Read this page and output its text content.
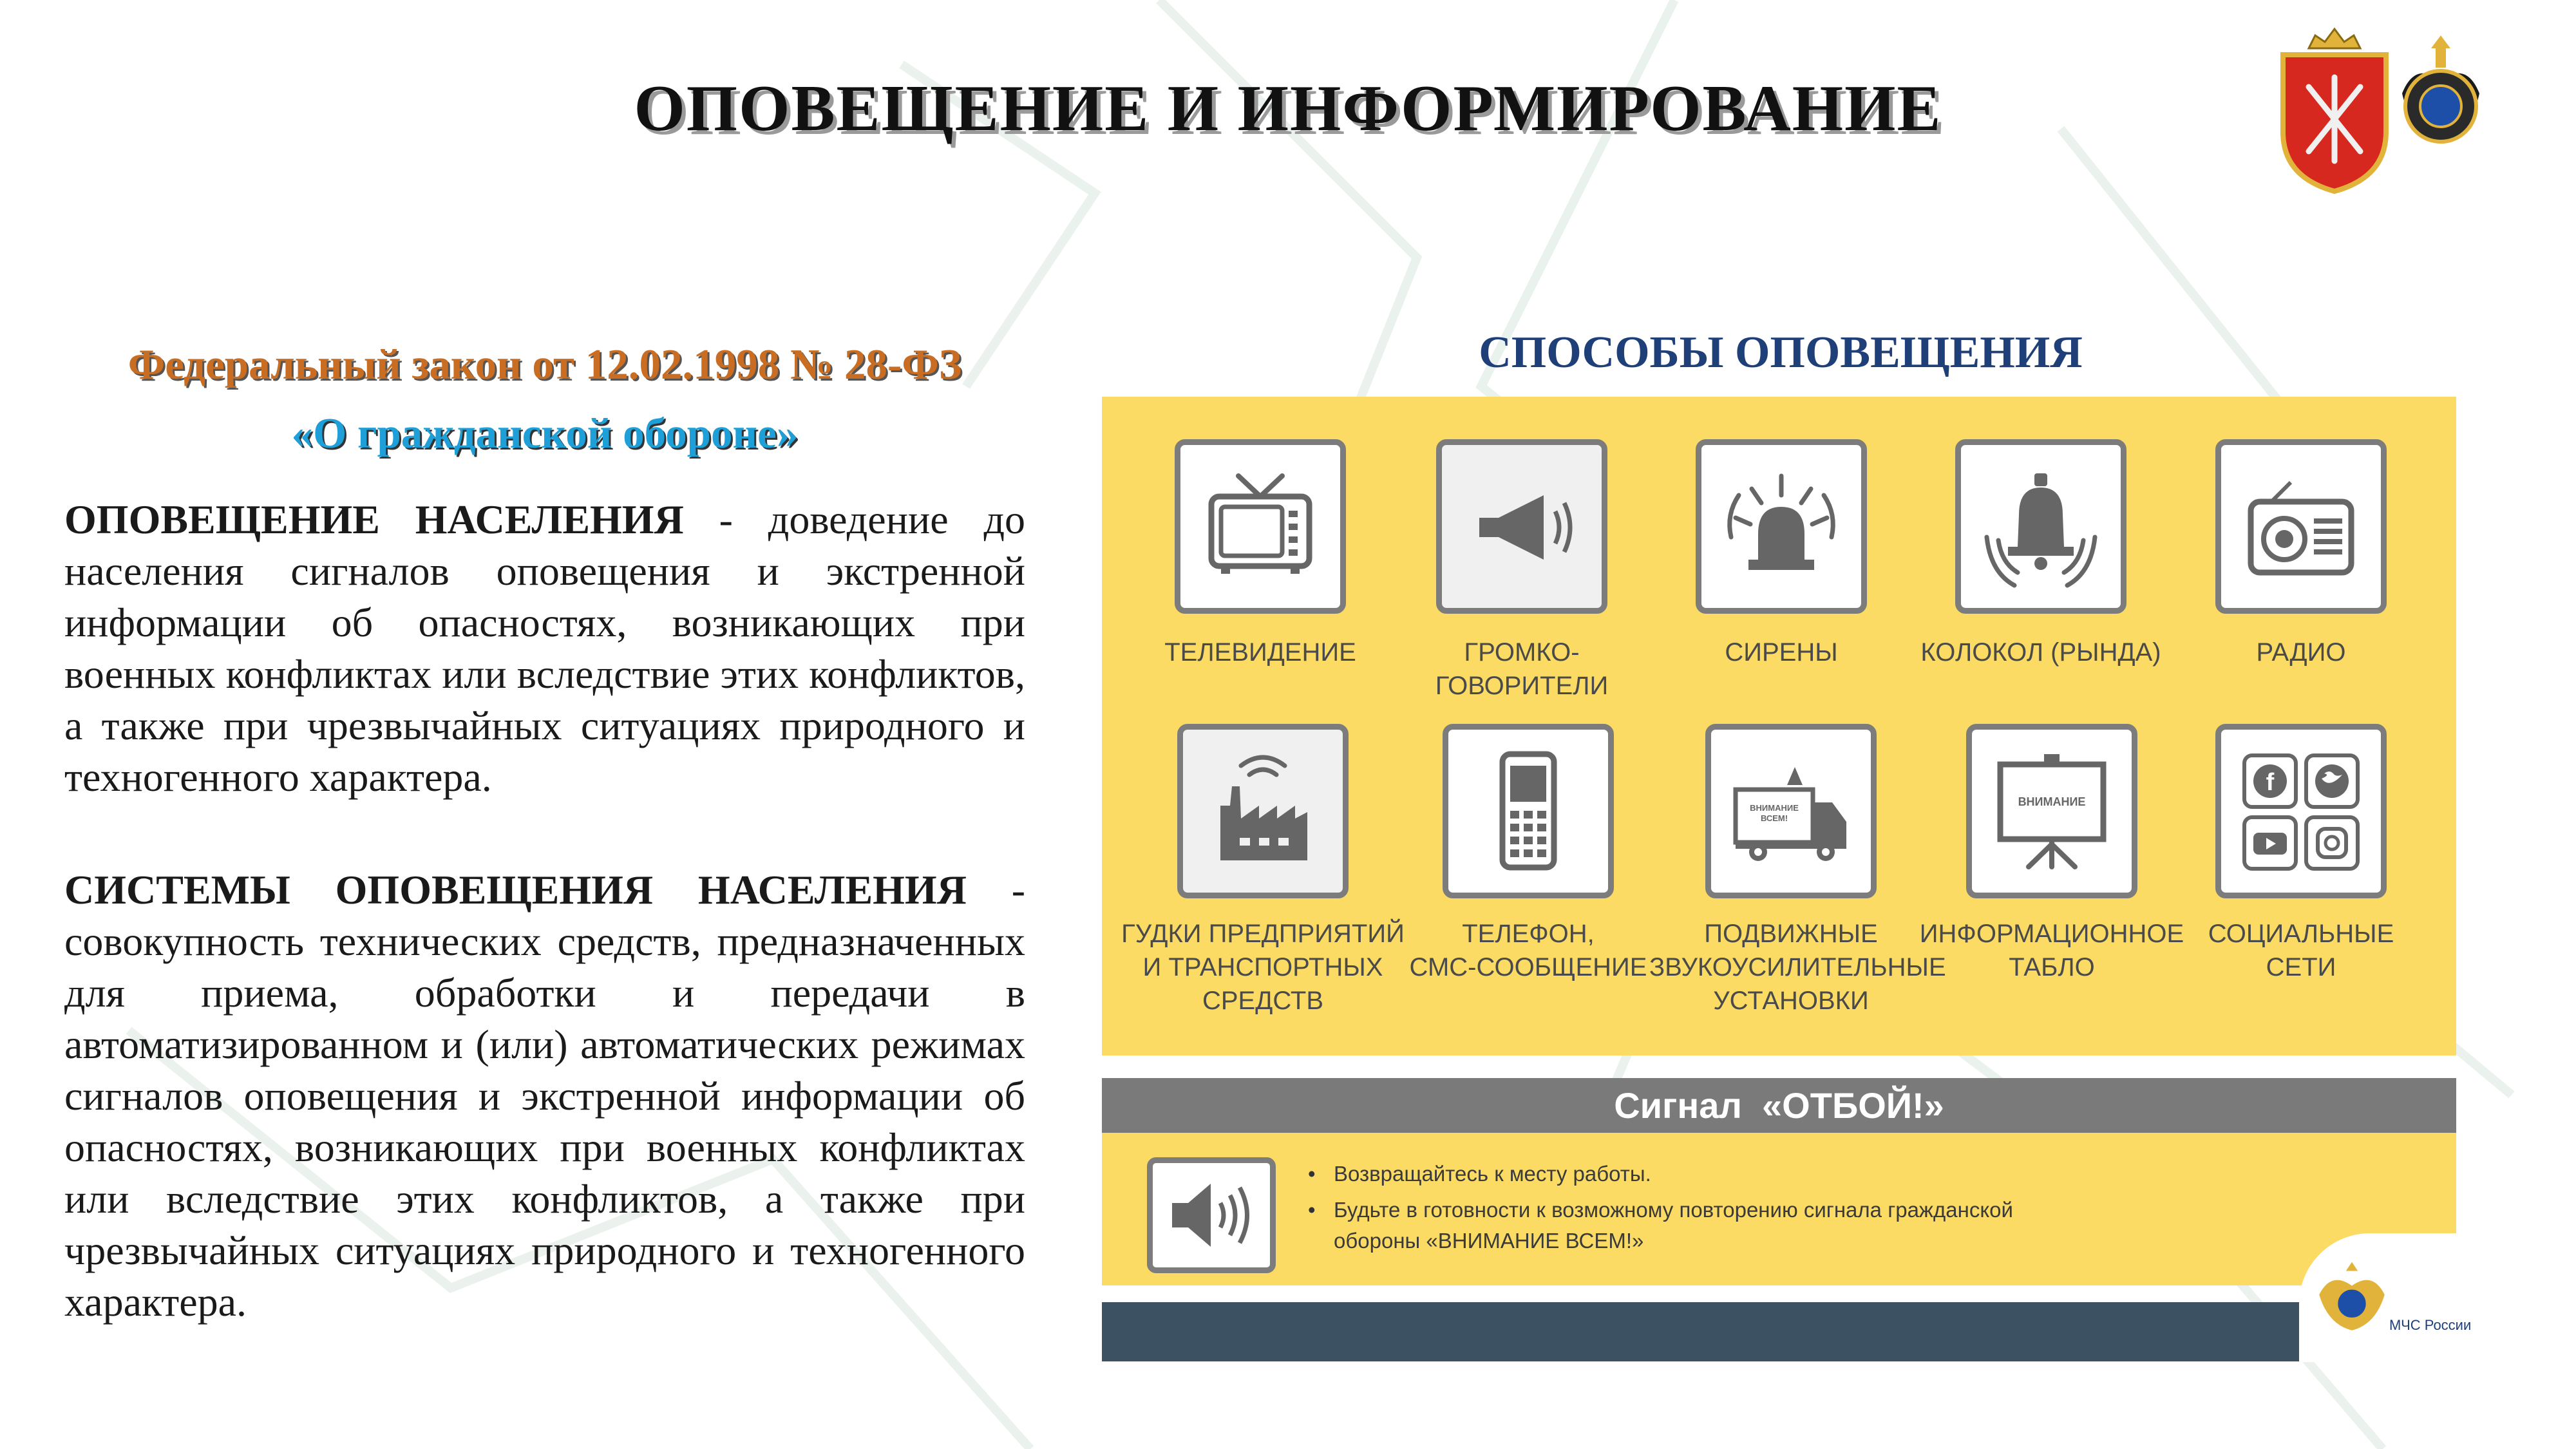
ОПОВЕЩЕНИЕ И ИНФОРМИРОВАНИЕ
Федеральный закон от 12.02.1998 № 28-ФЗ
«О гражданской обороне»
ОПОВЕЩЕНИЕ НАСЕЛЕНИЯ - доведение до населения сигналов оповещения и экстренной информации об опасностях, возникающих при военных конфликтах или вследствие этих конфликтов, а также при чрезвычайных ситуациях природного и техногенного характера.
СИСТЕМЫ ОПОВЕЩЕНИЯ НАСЕЛЕНИЯ - совокупность технических средств, предназначенных для приема, обработки и передачи в автоматизированном и (или) автоматических режимах сигналов оповещения и экстренной информации об опасностях, возникающих при военных конфликтах или вследствие этих конфликтов, а также при чрезвычайных ситуациях природного и техногенного характера.
СПОСОБЫ ОПОВЕЩЕНИЯ
ТЕЛЕВИДЕНИЕ	ГРОМКО-
ГОВОРИТЕЛИ
СИРЕНЫ	КОЛОКОЛ (РЫНДА)	РАДИО
ГУДКИ ПРЕДПРИЯТИЙ
И ТРАНСПОРТНЫХ
СРЕДСТВ
ТЕЛЕФОН,
СМС-СООБЩЕНИЕ
ВНИМАНИЕ
ВСЕМ!
ПОДВИЖНЫЕ
ЗВУКОУСИЛИТЕЛЬНЫЕ
УСТАНОВКИ
ВНИМАНИЕ
ИНФОРМАЦИОННОЕ
ТАБЛО
f
СОЦИАЛЬНЫЕ
СЕТИ
Сигнал  «ОТБОЙ!»
• Возвращайтесь к месту работы.
• Будьте в готовности к возможному повторению сигнала гражданской обороны «ВНИМАНИЕ ВСЕМ!»
МЧС России
